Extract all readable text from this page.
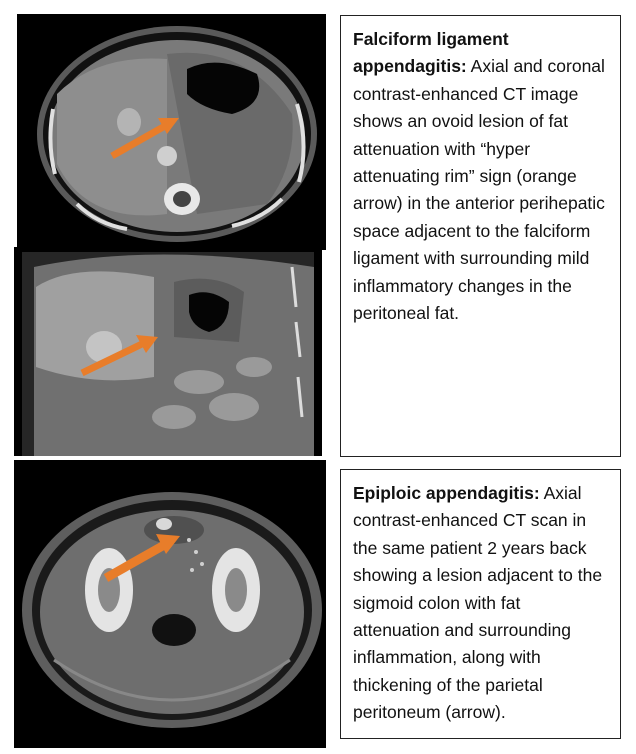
Falciform ligament appendagitis: Axial and coronal contrast-enhanced CT image shows an ovoid lesion of fat attenuation with “hyper attenuating rim” sign (orange arrow) in the anterior perihepatic space adjacent to the falciform ligament with surrounding mild inflammatory changes in the peritoneal fat.
Epiploic appendagitis: Axial contrast-enhanced CT scan in the same patient 2 years back showing a lesion adjacent to the sigmoid colon with fat attenuation and surrounding inflammation, along with thickening of the parietal peritoneum (arrow).
